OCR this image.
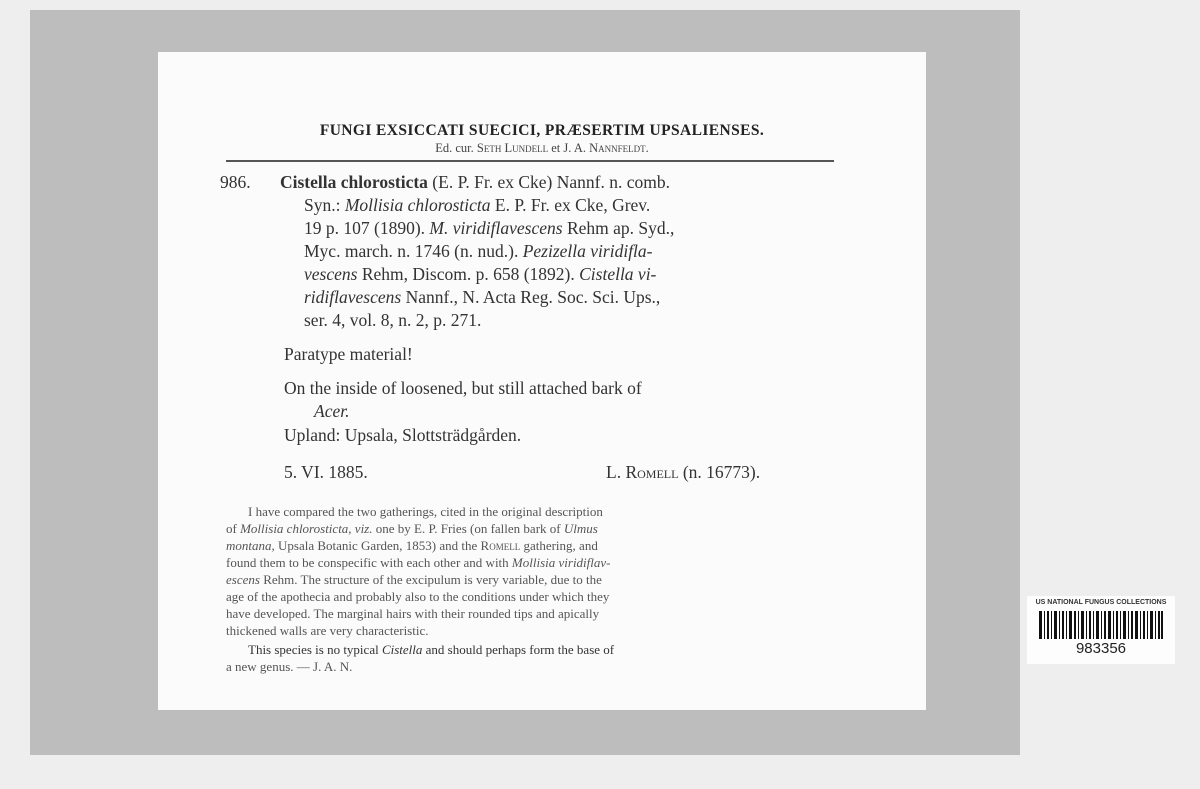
FUNGI EXSICCATI SUECICI, PRÆSERTIM UPSALIENSES.
Ed. cur. Seth Lundell et J. A. Nannfeldt.
986. Cistella chlorosticta (E. P. Fr. ex Cke) Nannf. n. comb.
Syn.: Mollisia chlorosticta E. P. Fr. ex Cke, Grev.
19 p. 107 (1890). M. viridiflavescens Rehm ap. Syd.,
Myc. march. n. 1746 (n. nud.). Pezizella viridifla-
vescens Rehm, Discom. p. 658 (1892). Cistella vi-
ridiflavescens Nannf., N. Acta Reg. Soc. Sci. Ups.,
ser. 4, vol. 8, n. 2, p. 271.
Paratype material!
On the inside of loosened, but still attached bark of
Acer.
Upland: Upsala, Slottsträdgården.
5. VI. 1885.	L. Romell (n. 16773).
I have compared the two gatherings, cited in the original description
of Mollisia chlorosticta, viz. one by E. P. Fries (on fallen bark of Ulmus
montana, Upsala Botanic Garden, 1853) and the Romell gathering, and
found them to be conspecific with each other and with Mollisia viridiflav-
escens Rehm. The structure of the excipulum is very variable, due to the
age of the apothecia and probably also to the conditions under which they
have developed. The marginal hairs with their rounded tips and apically
thickened walls are very characteristic.
This species is no typical Cistella and should perhaps form the base of
a new genus. — J. A. N.
US NATIONAL FUNGUS COLLECTIONS
983356
